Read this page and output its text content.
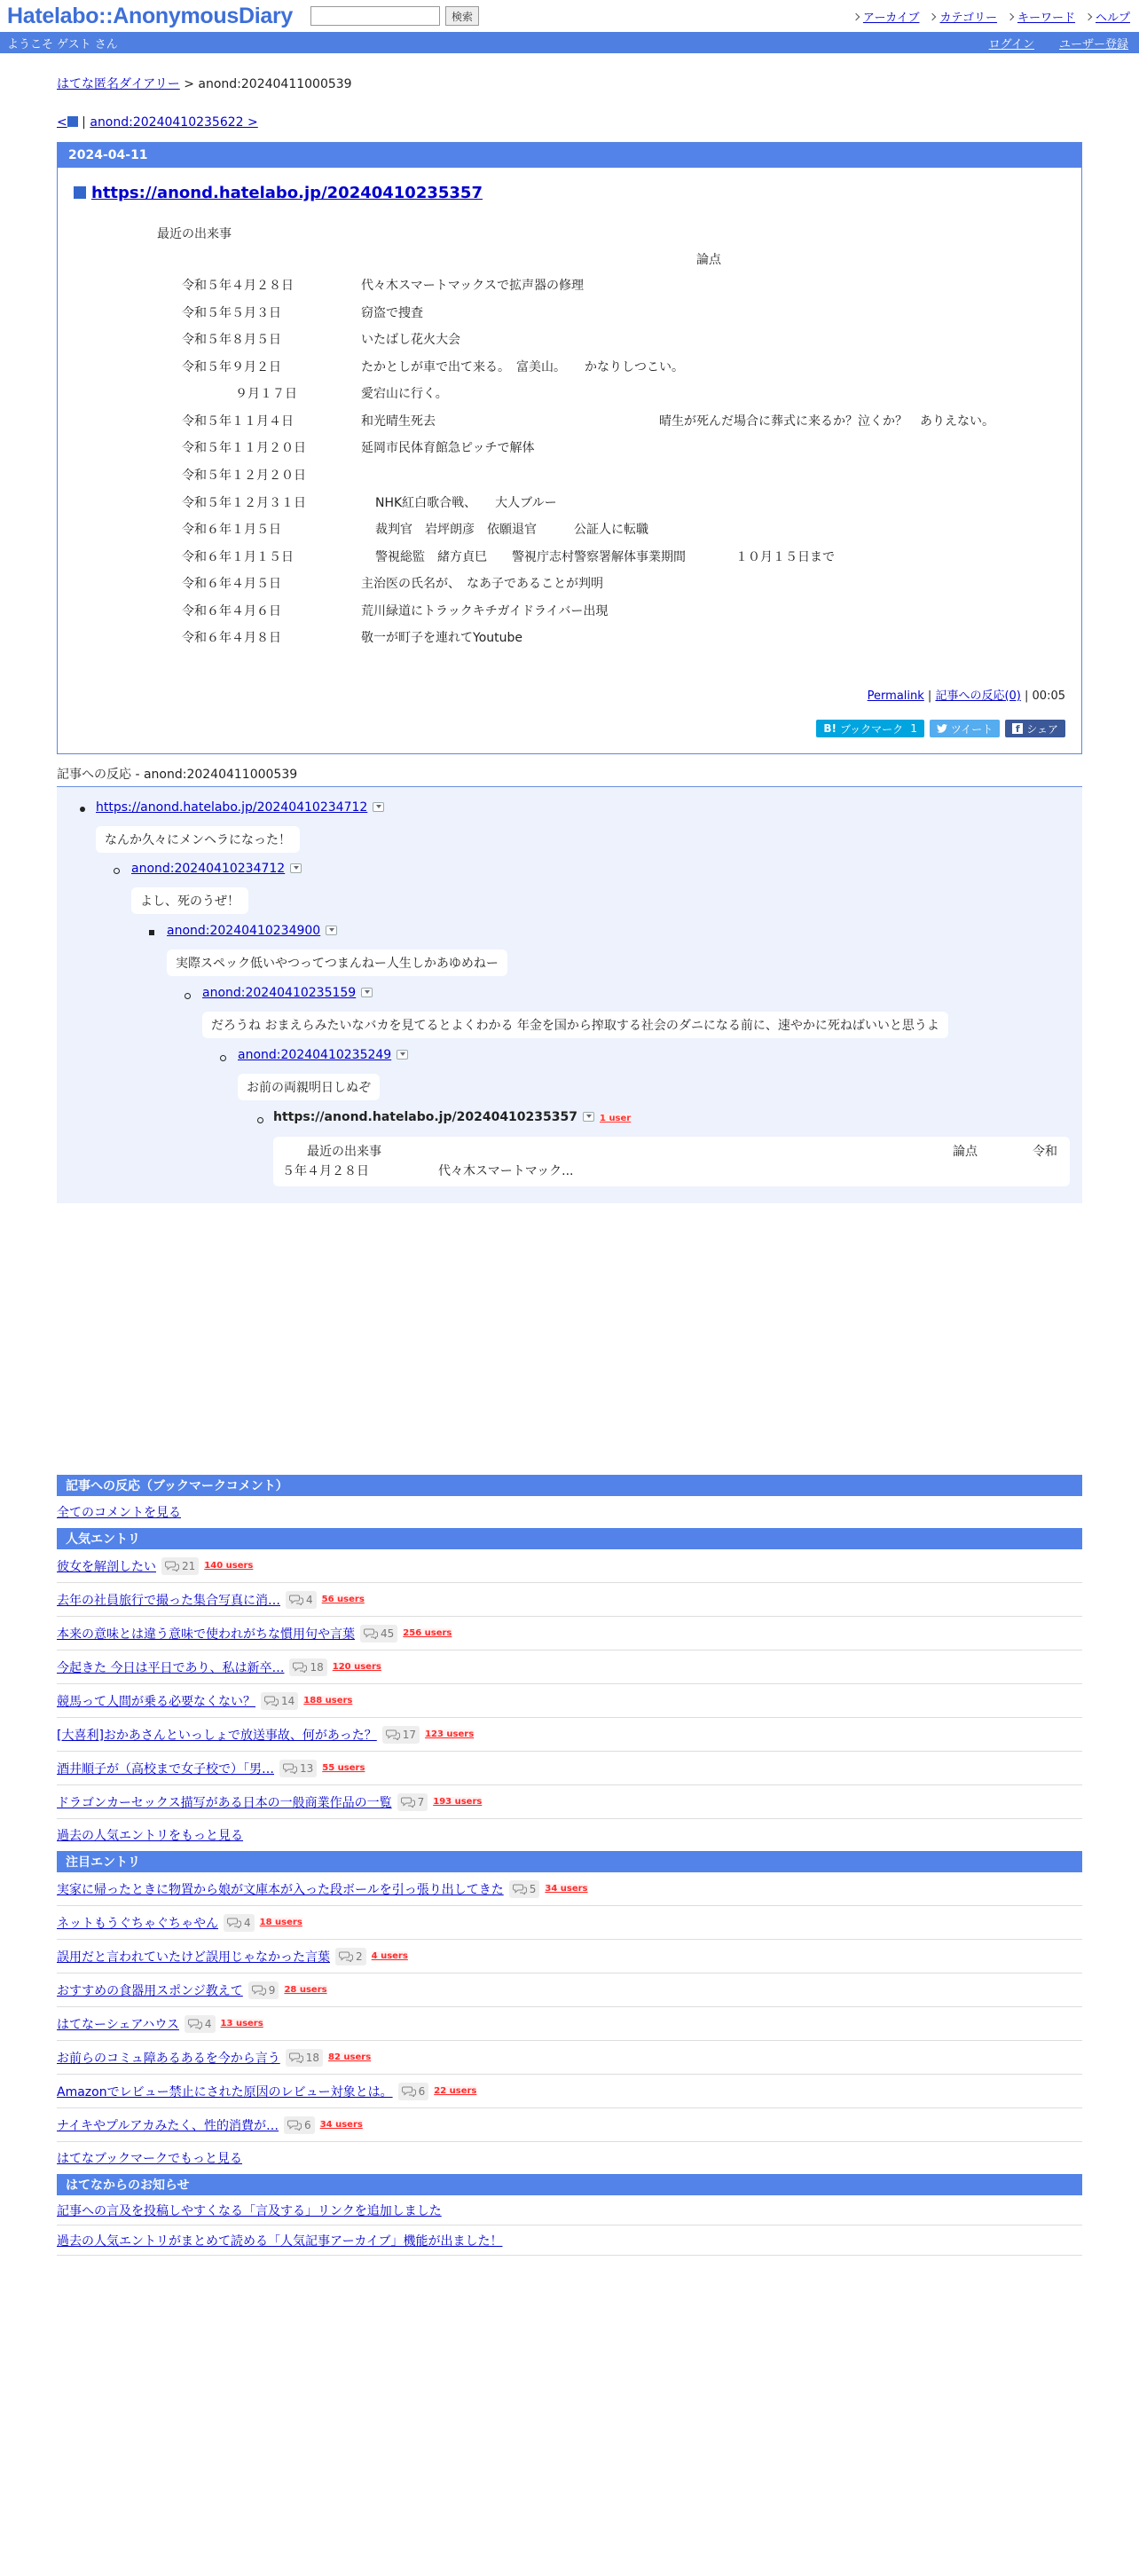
Hatelabo::AnonymousDiary	検索	アーカイブ カテゴリー キーワード ヘルプ
ようこそ ゲスト さん	ログイン ユーザー登録
はてな匿名ダイアリー > anond:20240411000539
< | anond:20240410235622 >
2024-04-11
https://anond.hatelabo.jp/20240410235357
最近の出来事
論点
令和５年４月２８日	代々木スマートマックスで拡声器の修理
令和５年５月３日	窃盗で捜査
令和５年８月５日	いたばし花火大会
令和５年９月２日	たかとしが車で出て来る。　富美山。　　かなりしつこい。
９月１７日	愛宕山に行く。
令和５年１１月４日	和光晴生死去	晴生が死んだ場合に葬式に来るか？泣くか？　ありえない。
令和５年１１月２０日	延岡市民体育館急ピッチで解体
令和５年１２月２０日
令和５年１２月３１日	NHK紅白歌合戦、　　大人ブルー
令和６年１月５日	裁判官　岩坪朗彦　依願退官　　　公証人に転職
令和６年１月１５日	警視総監　緒方貞巳　　警視庁志村警察署解体事業期間　　　　１０月１５日まで
令和６年４月５日	主治医の氏名が、　なあ子であることが判明
令和６年４月６日	荒川緑道にトラックキチガイドライバー出現
令和６年４月８日	敬一が町子を連れてYoutube
Permalink | 記事への反応(0) | 00:05
B! ブックマーク 1	ツイート	f シェア
記事への反応 - anond:20240411000539
https://anond.hatelabo.jp/20240410234712
なんか久々にメンヘラになった！
anond:20240410234712
よし、死のうぜ！
anond:20240410234900
実際スペック低いやつってつまんねー人生しかあゆめねー
anond:20240410235159
だろうね おまえらみたいなバカを見てるとよくわかる 年金を国から搾取する社会のダニになる前に、速やかに死ねばいいと思うよ
anond:20240410235249
お前の両親明日しぬぞ
https://anond.hatelabo.jp/20240410235357	1 user
最近の出来事	論点	令和
５年４月２８日	代々木スマートマック...
記事への反応（ブックマークコメント）
全てのコメントを見る
人気エントリ
彼女を解剖したい 21 140 users
去年の社員旅行で撮った集合写真に消… 4 56 users
本来の意味とは違う意味で使われがちな慣用句や言葉 45 256 users
今起きた 今日は平日であり、私は新卒… 18 120 users
競馬って人間が乗る必要なくない？ 14 188 users
[大喜利]おかあさんといっしょで放送事故、何があった？ 17 123 users
酒井順子が（高校まで女子校で）「男… 13 55 users
ドラゴンカーセックス描写がある日本の一般商業作品の一覧 7 193 users
過去の人気エントリをもっと見る
注目エントリ
実家に帰ったときに物置から娘が文庫本が入った段ボールを引っ張り出してきた 5 34 users
ネットもうぐちゃぐちゃやん 4 18 users
誤用だと言われていたけど誤用じゃなかった言葉 2 4 users
おすすめの食器用スポンジ教えて 9 28 users
はてなーシェアハウス 4 13 users
お前らのコミュ障あるあるを今から言う 18 82 users
Amazonでレビュー禁止にされた原因のレビュー対象とは。 6 22 users
ナイキやプルアカみたく、性的消費が… 6 34 users
はてなブックマークでもっと見る
はてなからのお知らせ
記事への言及を投稿しやすくなる「言及する」リンクを追加しました
過去の人気エントリがまとめて読める「人気記事アーカイブ」機能が出ました！
